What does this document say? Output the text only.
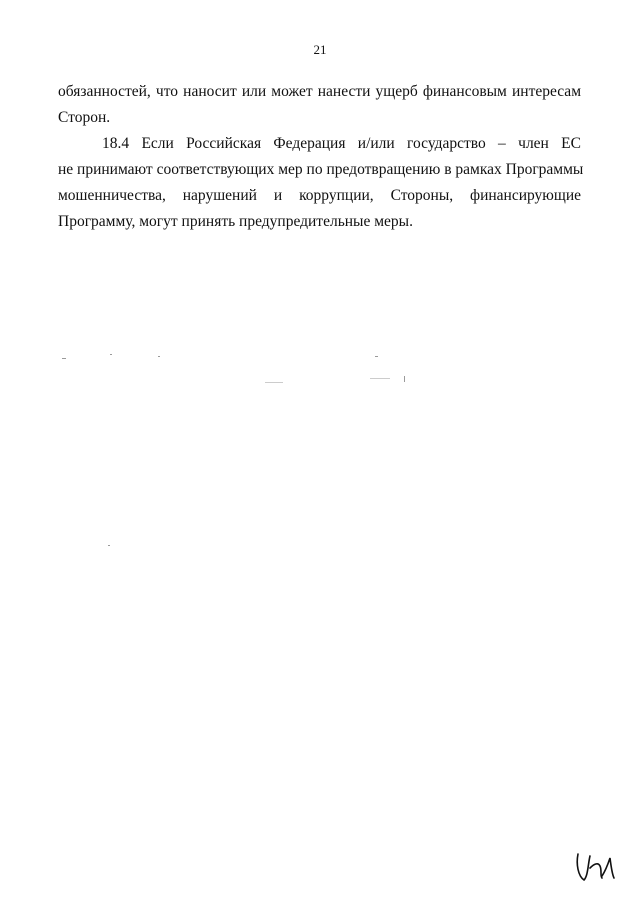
21
обязанностей, что наносит или может нанести ущерб финансовым интересам
Сторон.
18.4 Если Российская Федерация и/или государство – член ЕС
не принимают соответствующих мер по предотвращению в рамках Программы
мошенничества, нарушений и коррупции, Стороны, финансирующие
Программу, могут принять предупредительные меры.
